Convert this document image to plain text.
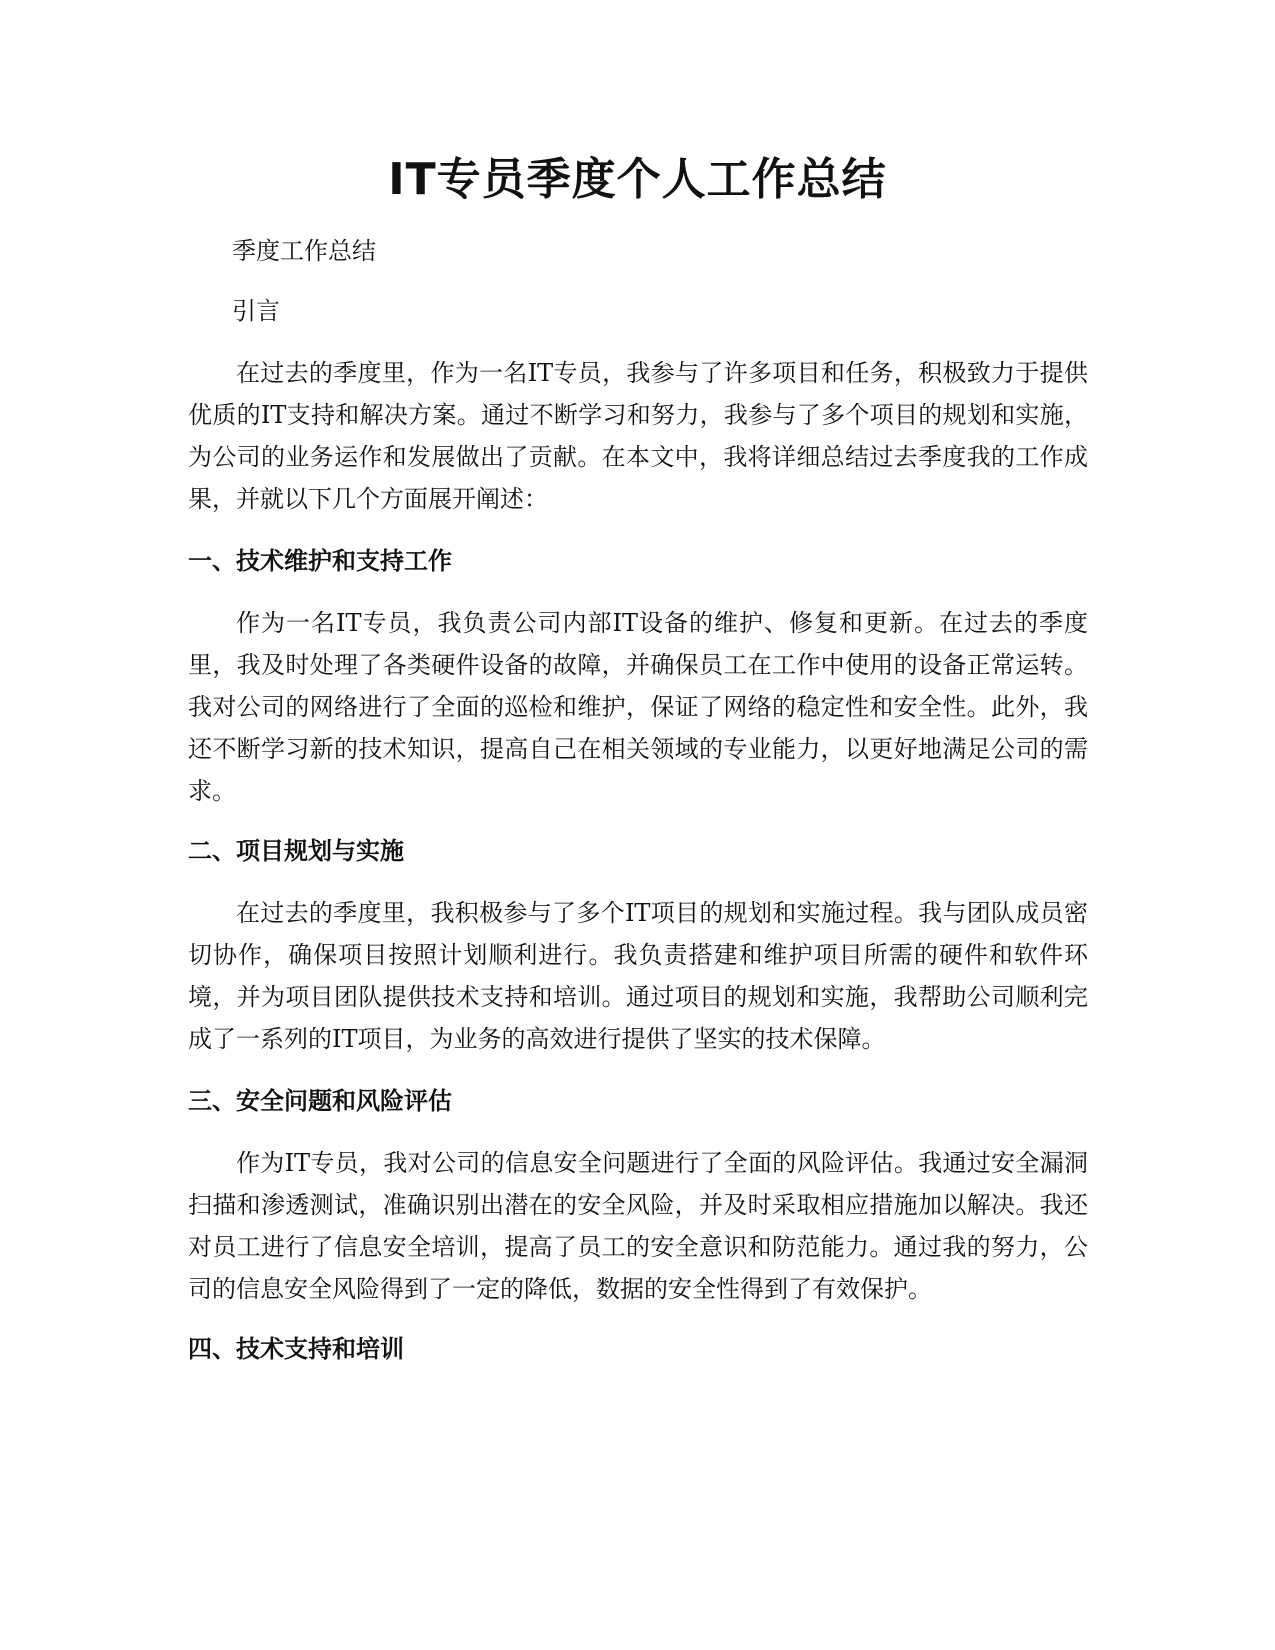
IT专员季度个人工作总结

季度工作总结

引言

在过去的季度里，作为一名IT专员，我参与了许多项目和任务，积极致力于提供优质的IT支持和解决方案。通过不断学习和努力，我参与了多个项目的规划和实施，为公司的业务运作和发展做出了贡献。在本文中，我将详细总结过去季度我的工作成果，并就以下几个方面展开阐述：

一、技术维护和支持工作

作为一名IT专员，我负责公司内部IT设备的维护、修复和更新。在过去的季度里，我及时处理了各类硬件设备的故障，并确保员工在工作中使用的设备正常运转。我对公司的网络进行了全面的巡检和维护，保证了网络的稳定性和安全性。此外，我还不断学习新的技术知识，提高自己在相关领域的专业能力，以更好地满足公司的需求。

二、项目规划与实施

在过去的季度里，我积极参与了多个IT项目的规划和实施过程。我与团队成员密切协作，确保项目按照计划顺利进行。我负责搭建和维护项目所需的硬件和软件环境，并为项目团队提供技术支持和培训。通过项目的规划和实施，我帮助公司顺利完成了一系列的IT项目，为业务的高效进行提供了坚实的技术保障。

三、安全问题和风险评估

作为IT专员，我对公司的信息安全问题进行了全面的风险评估。我通过安全漏洞扫描和渗透测试，准确识别出潜在的安全风险，并及时采取相应措施加以解决。我还对员工进行了信息安全培训，提高了员工的安全意识和防范能力。通过我的努力，公司的信息安全风险得到了一定的降低，数据的安全性得到了有效保护。

四、技术支持和培训
